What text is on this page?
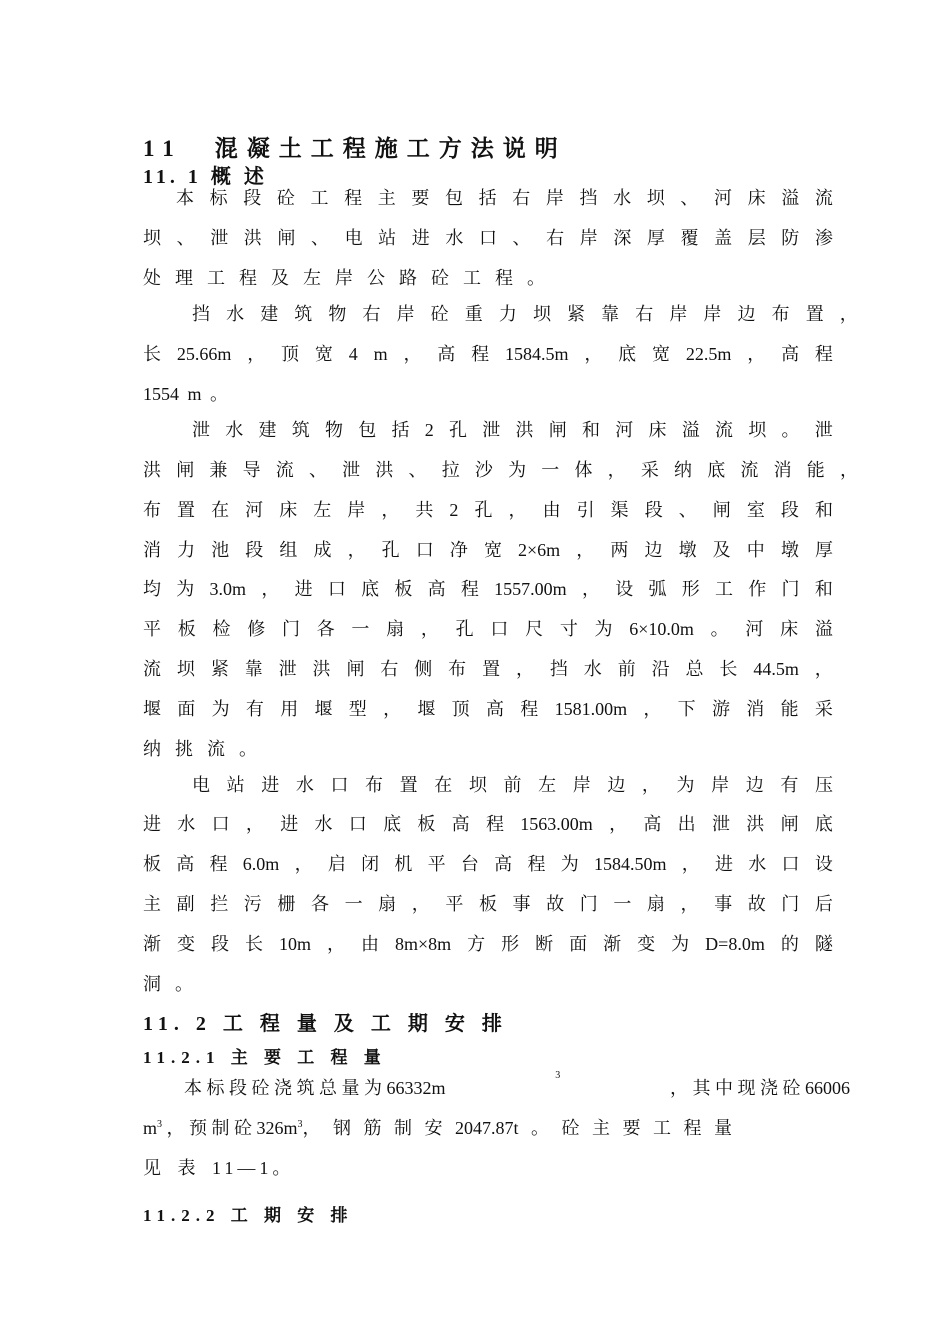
11　混凝土工程施工方法说明
11. 1 概 述
本 标 段 砼 工 程 主 要 包 括 右 岸 挡 水 坝 、 河 床 溢 流
坝 、 泄 洪 闸 、 电 站 进 水 口 、 右 岸 深 厚 覆 盖 层 防 渗
处理工程及左岸公路砼工程。
挡 水 建 筑 物 右 岸 砼 重 力 坝 紧 靠 右 岸 岸 边 布 置 ，
长 25.66m ， 顶 宽 4 m ， 高 程 1584.5m ， 底 宽 22.5m ， 高 程
1554 m 。
泄 水 建 筑 物 包 括 2 孔 泄 洪 闸 和 河 床 溢 流 坝 。 泄
洪 闸 兼 导 流 、 泄 洪 、 拉 沙 为 一 体 ， 采 纳 底 流 消 能 ，
布 置 在 河 床 左 岸 ， 共 2 孔 ， 由 引 渠 段 、 闸 室 段 和
消 力 池 段 组 成 ， 孔 口 净 宽 2×6m ， 两 边 墩 及 中 墩 厚
均 为 3.0m ， 进 口 底 板 高 程 1557.00m ， 设 弧 形 工 作 门 和
平 板 检 修 门 各 一 扇 ， 孔 口 尺 寸 为 6×10.0m 。 河 床 溢
流 坝 紧 靠 泄 洪 闸 右 侧 布 置 ， 挡 水 前 沿 总 长 44.5m ，
堰 面 为 有 用 堰 型 ， 堰 顶 高 程 1581.00m ， 下 游 消 能 采
纳挑流。
电 站 进 水 口 布 置 在 坝 前 左 岸 边 ， 为 岸 边 有 压
进 水 口 ， 进 水 口 底 板 高 程 1563.00m ， 高 出 泄 洪 闸 底
板 高 程 6.0m ， 启 闭 机 平 台 高 程 为 1584.50m ， 进 水 口 设
主 副 拦 污 栅 各 一 扇 ， 平 板 事 故 门 一 扇 ， 事 故 门 后
渐 变 段 长 10m ， 由 8m×8m 方 形 断 面 渐 变 为 D=8.0m 的 隧
洞。
11. 2 工 程 量 及 工 期 安 排
11.2.1 主 要 工 程 量
本 标 段 砼 浇 筑 总 量 为 66332m
3
， 其 中 现 浇 砼 66006
$m^3$ ， 预 制 砼 $326m^3$， 钢 筋 制 安 2047.87t 。 砼 主 要 工 程 量
见 表 11—1。
11.2.2 工 期 安 排
